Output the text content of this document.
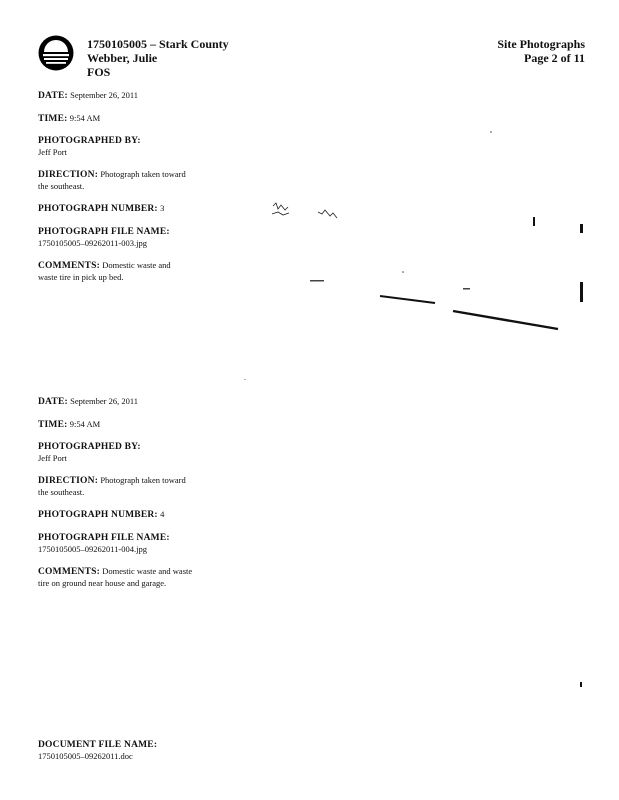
1750105005 – Stark County
Webber, Julie
FOS
Site Photographs
Page 2 of 11

DATE: September 26, 2011

TIME: 9:54 AM

PHOTOGRAPHED BY:
Jeff Port

DIRECTION: Photograph taken toward the southeast.

PHOTOGRAPH NUMBER: 3

PHOTOGRAPH FILE NAME:
1750105005–09262011-003.jpg

COMMENTS: Domestic waste and waste tire in pick up bed.

DATE: September 26, 2011

TIME: 9:54 AM

PHOTOGRAPHED BY:
Jeff Port

DIRECTION: Photograph taken toward the southeast.

PHOTOGRAPH NUMBER: 4

PHOTOGRAPH FILE NAME:
1750105005–09262011-004.jpg

COMMENTS: Domestic waste and waste tire on ground near house and garage.

DOCUMENT FILE NAME:
1750105005–09262011.doc
